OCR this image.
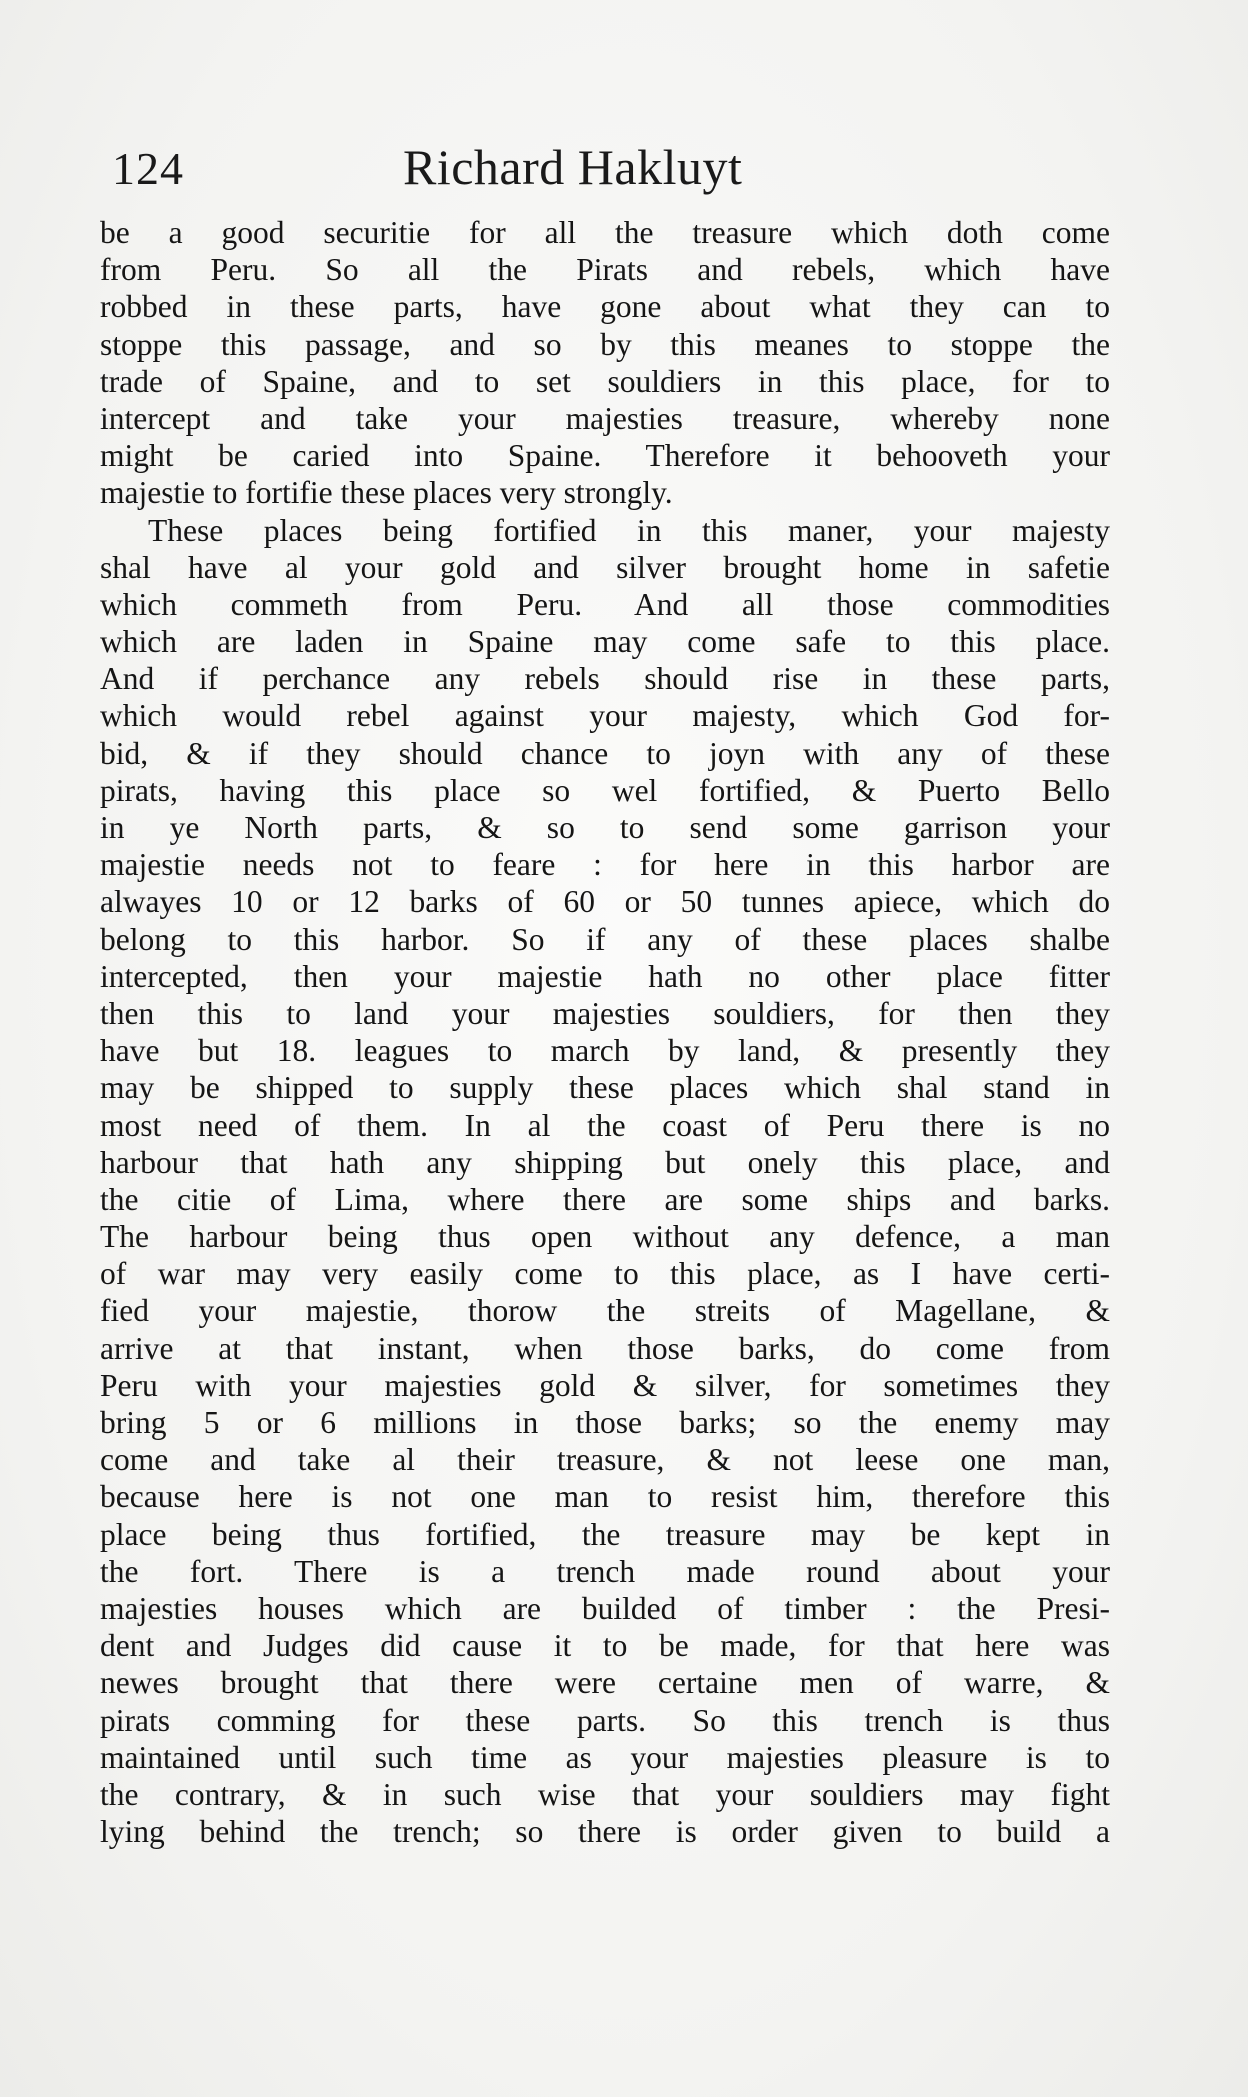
124	Richard Hakluyt
be a good securitie for all the treasure which doth come
from Peru. So all the Pirats and rebels, which have
robbed in these parts, have gone about what they can to
stoppe this passage, and so by this meanes to stoppe the
trade of Spaine, and to set souldiers in this place, for to
intercept and take your majesties treasure, whereby none
might be caried into Spaine. Therefore it behooveth your
majestie to fortifie these places very strongly.
These places being fortified in this maner, your majesty
shal have al your gold and silver brought home in safetie
which commeth from Peru. And all those commodities
which are laden in Spaine may come safe to this place.
And if perchance any rebels should rise in these parts,
which would rebel against your majesty, which God for-
bid, & if they should chance to joyn with any of these
pirats, having this place so wel fortified, & Puerto Bello
in ye North parts, & so to send some garrison your
majestie needs not to feare : for here in this harbor are
alwayes 10 or 12 barks of 60 or 50 tunnes apiece, which do
belong to this harbor. So if any of these places shalbe
intercepted, then your majestie hath no other place fitter
then this to land your majesties souldiers, for then they
have but 18. leagues to march by land, & presently they
may be shipped to supply these places which shal stand in
most need of them. In al the coast of Peru there is no
harbour that hath any shipping but onely this place, and
the citie of Lima, where there are some ships and barks.
The harbour being thus open without any defence, a man
of war may very easily come to this place, as I have certi-
fied your majestie, thorow the streits of Magellane, &
arrive at that instant, when those barks, do come from
Peru with your majesties gold & silver, for sometimes they
bring 5 or 6 millions in those barks; so the enemy may
come and take al their treasure, & not leese one man,
because here is not one man to resist him, therefore this
place being thus fortified, the treasure may be kept in
the fort. There is a trench made round about your
majesties houses which are builded of timber : the Presi-
dent and Judges did cause it to be made, for that here was
newes brought that there were certaine men of warre, &
pirats comming for these parts. So this trench is thus
maintained until such time as your majesties pleasure is to
the contrary, & in such wise that your souldiers may fight
lying behind the trench; so there is order given to build a
